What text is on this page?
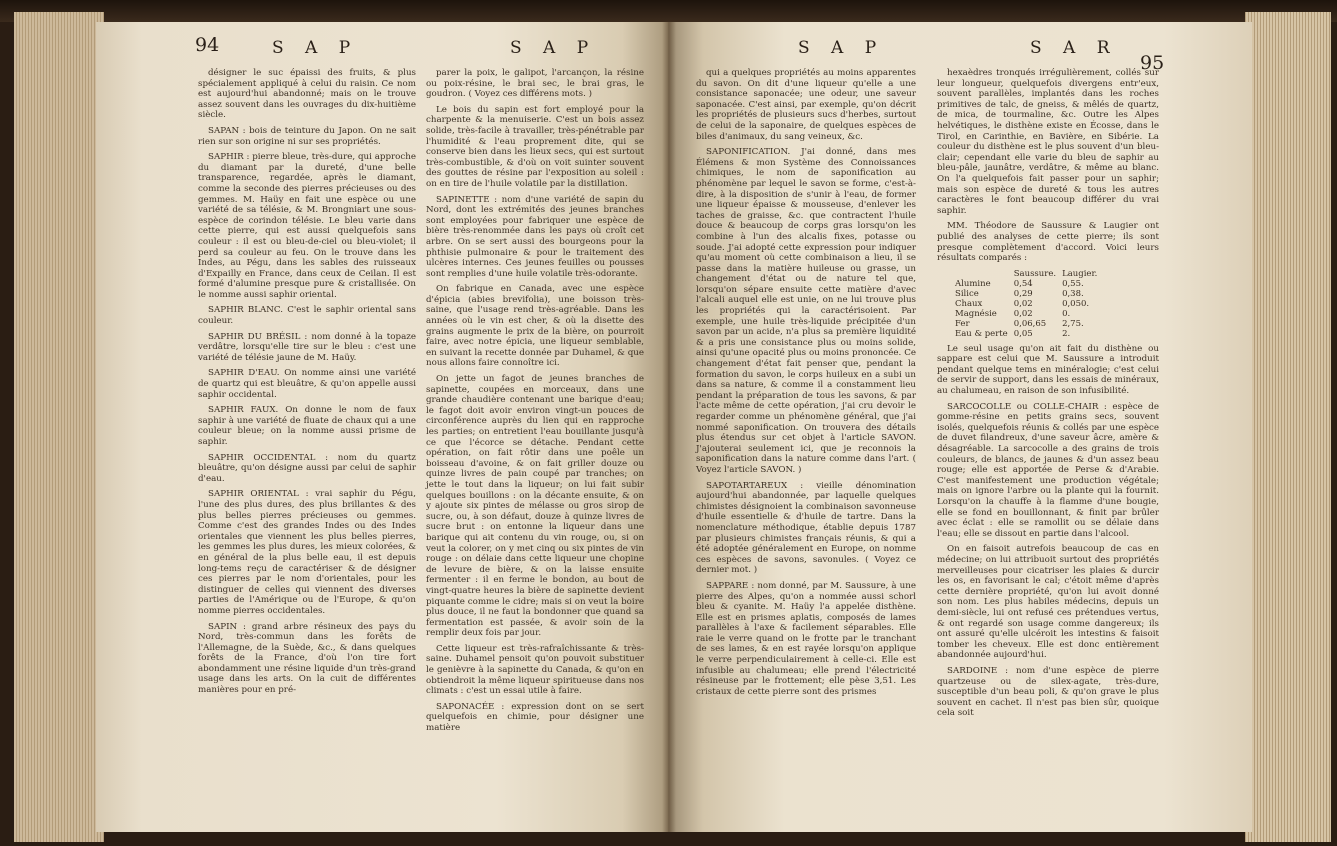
94	S A P	S A P	S A P	S A R
95

désigner le suc épaissi des fruits, & plus spécialement appliqué à celui du raisin. Ce nom est aujourd'hui abandonné; mais on le trouve assez souvent dans les ouvrages du dix-huitième siècle.

SAPAN : bois de teinture du Japon. On ne sait rien sur son origine ni sur ses propriétés.

SAPHIR : pierre bleue, très-dure, qui approche du diamant par la dureté, d'une belle transparence, regardée, après le diamant, comme la seconde des pierres précieuses ou des gemmes. M. Haüy en fait une espèce ou une variété de sa télésie, & M. Brongniart une sous-espèce de corindon télésie. Le bleu varie dans cette pierre, qui est aussi quelquefois sans couleur : il est ou bleu-de-ciel ou bleu-violet; il perd sa couleur au feu. On le trouve dans les Indes, au Pégu, dans les sables des ruisseaux d'Expailly en France, dans ceux de Ceilan. Il est formé d'alumine presque pure & cristallisée. On le nomme aussi saphir oriental.

SAPHIR BLANC. C'est le saphir oriental sans couleur.

SAPHIR DU BRÉSIL : nom donné à la topaze verdâtre, lorsqu'elle tire sur le bleu : c'est une variété de télésie jaune de M. Haüy.

SAPHIR D'EAU. On nomme ainsi une variété de quartz qui est bleuâtre, & qu'on appelle aussi saphir occidental.

SAPHIR FAUX. On donne le nom de faux saphir à une variété de fluate de chaux qui a une couleur bleue; on la nomme aussi prisme de saphir.

SAPHIR OCCIDENTAL : nom du quartz bleuâtre, qu'on désigne aussi par celui de saphir d'eau.

SAPHIR ORIENTAL : vrai saphir du Pégu, l'une des plus dures, des plus brillantes & des plus belles pierres précieuses ou gemmes. Comme c'est des grandes Indes ou des Indes orientales que viennent les plus belles pierres, les gemmes les plus dures, les mieux colorées, & en général de la plus belle eau, il est depuis long-tems reçu de caractériser & de désigner ces pierres par le nom d'orientales, pour les distinguer de celles qui viennent des diverses parties de l'Amérique ou de l'Europe, & qu'on nomme pierres occidentales.

SAPIN : grand arbre résineux des pays du Nord, très-commun dans les forêts de l'Allemagne, de la Suède, &c., & dans quelques forêts de la France, d'où l'on tire fort abondamment une résine liquide d'un très-grand usage dans les arts. On la cuit de différentes manières pour en pré-

parer la poix, le galipot, l'arcançon, la résine ou poix-résine, le brai sec, le brai gras, le goudron. ( Voyez ces différens mots. )

Le bois du sapin est fort employé pour la charpente & la menuiserie. C'est un bois assez solide, très-facile à travailler, très-pénétrable par l'humidité & l'eau proprement dite, qui se conserve bien dans les lieux secs, qui est surtout très-combustible, & d'où on voit suinter souvent des gouttes de résine par l'exposition au soleil : on en tire de l'huile volatile par la distillation.

SAPINETTE : nom d'une variété de sapin du Nord, dont les extrémités des jeunes branches sont employées pour fabriquer une espèce de bière très-renommée dans les pays où croît cet arbre. On se sert aussi des bourgeons pour la phthisie pulmonaire & pour le traitement des ulcères internes. Ces jeunes feuilles ou pousses sont remplies d'une huile volatile très-odorante.

On fabrique en Canada, avec une espèce d'épicia (abies brevifolia), une boisson très-saine, que l'usage rend très-agréable. Dans les années où le vin est cher, & où la disette des grains augmente le prix de la bière, on pourroit faire, avec notre épicia, une liqueur semblable, en suivant la recette donnée par Duhamel, & que nous allons faire connoître ici.

On jette un fagot de jeunes branches de sapinette, coupées en morceaux, dans une grande chaudière contenant une barique d'eau; le fagot doit avoir environ vingt-un pouces de circonférence auprès du lien qui en rapproche les parties; on entretient l'eau bouillante jusqu'à ce que l'écorce se détache. Pendant cette opération, on fait rôtir dans une poêle un boisseau d'avoine, & on fait griller douze ou quinze livres de pain coupé par tranches; on jette le tout dans la liqueur; on lui fait subir quelques bouillons : on la décante ensuite, & on y ajoute six pintes de mélasse ou gros sirop de sucre, ou, à son défaut, douze à quinze livres de sucre brut : on entonne la liqueur dans une barique qui ait contenu du vin rouge, ou, si on veut la colorer, on y met cinq ou six pintes de vin rouge : on délaie dans cette liqueur une chopine de levure de bière, & on la laisse ensuite fermenter : il en ferme le bondon, au bout de vingt-quatre heures la bière de sapinette devient piquante comme le cidre; mais si on veut la boire plus douce, il ne faut la bondonner que quand sa fermentation est passée, & avoir soin de la remplir deux fois par jour.

Cette liqueur est très-rafraîchissante & très-saine. Duhamel pensoit qu'on pouvoit substituer le genièvre à la sapinette du Canada, & qu'on en obtiendroit la même liqueur spiritueuse dans nos climats : c'est un essai utile à faire.

SAPONACÉE : expression dont on se sert quelquefois en chimie, pour désigner une matière

qui a quelques propriétés au moins apparentes du savon. On dit d'une liqueur qu'elle a une consistance saponacée; une odeur, une saveur saponacée. C'est ainsi, par exemple, qu'on décrit les propriétés de plusieurs sucs d'herbes, surtout de celui de la saponaire, de quelques espèces de biles d'animaux, du sang veineux, &c.

SAPONIFICATION. J'ai donné, dans mes Élémens & mon Système des Connoissances chimiques, le nom de saponification au phénomène par lequel le savon se forme, c'est-à-dire, à la disposition de s'unir à l'eau, de former une liqueur épaisse & mousseuse, d'enlever les taches de graisse, &c. que contractent l'huile douce & beaucoup de corps gras lorsqu'on les combine à l'un des alcalis fixes, potasse ou soude. J'ai adopté cette expression pour indiquer qu'au moment où cette combinaison a lieu, il se passe dans la matière huileuse ou grasse, un changement d'état ou de nature tel que, lorsqu'on sépare ensuite cette matière d'avec l'alcali auquel elle est unie, on ne lui trouve plus les propriétés qui la caractérisoient. Par exemple, une huile très-liquide précipitée d'un savon par un acide, n'a plus sa première liquidité & a pris une consistance plus ou moins solide, ainsi qu'une opacité plus ou moins prononcée. Ce changement d'état fait penser que, pendant la formation du savon, le corps huileux en a subi un dans sa nature, & comme il a constamment lieu pendant la préparation de tous les savons, & par l'acte même de cette opération, j'ai cru devoir le regarder comme un phénomène général, que j'ai nommé saponification. On trouvera des détails plus étendus sur cet objet à l'article SAVON. J'ajouterai seulement ici, que je reconnois la saponification dans la nature comme dans l'art. ( Voyez l'article SAVON. )

SAPOTARTAREUX : vieille dénomination aujourd'hui abandonnée, par laquelle quelques chimistes désignoient la combinaison savonneuse d'huile essentielle & d'huile de tartre. Dans la nomenclature méthodique, établie depuis 1787 par plusieurs chimistes français réunis, & qui a été adoptée généralement en Europe, on nomme ces espèces de savons, savonules. ( Voyez ce dernier mot. )

SAPPARE : nom donné, par M. Saussure, à une pierre des Alpes, qu'on a nommée aussi schorl bleu & cyanite. M. Haüy l'a appelée disthène. Elle est en prismes aplatis, composés de lames parallèles à l'axe & facilement séparables. Elle raie le verre quand on le frotte par le tranchant de ses lames, & en est rayée lorsqu'on applique le verre perpendiculairement à celle-ci. Elle est infusible au chalumeau; elle prend l'électricité résineuse par le frottement; elle pèse 3,51. Les cristaux de cette pierre sont des prismes

hexaèdres tronqués irrégulièrement, collés sur leur longueur, quelquefois divergens entr'eux, souvent parallèles, implantés dans les roches primitives de talc, de gneiss, & mêlés de quartz, de mica, de tourmaline, &c. Outre les Alpes helvétiques, le disthène existe en Écosse, dans le Tirol, en Carinthie, en Bavière, en Sibérie. La couleur du disthène est le plus souvent d'un bleu-clair; cependant elle varie du bleu de saphir au bleu-pâle, jaunâtre, verdâtre, & même au blanc. On l'a quelquefois fait passer pour un saphir; mais son espèce de dureté & tous les autres caractères le font beaucoup différer du vrai saphir.

MM. Théodore de Saussure & Laugier ont publié des analyses de cette pierre; ils sont presque complètement d'accord. Voici leurs résultats comparés :

	Saussure.	Laugier.
Alumine	0,54	0,55.
Silice	0,29	0,38.
Chaux	0,02	0,050.
Magnésie	0,02	0.
Fer	0,06,65	2,75.
Eau & perte	0,05	2.

Le seul usage qu'on ait fait du disthène ou sappare est celui que M. Saussure a introduit pendant quelque tems en minéralogie; c'est celui de servir de support, dans les essais de minéraux, au chalumeau, en raison de son infusibilité.

SARCOCOLLE ou COLLE-CHAIR : espèce de gomme-résine en petits grains secs, souvent isolés, quelquefois réunis & collés par une espèce de duvet filandreux, d'une saveur âcre, amère & désagréable. La sarcocolle a des grains de trois couleurs, de blancs, de jaunes & d'un assez beau rouge; elle est apportée de Perse & d'Arabie. C'est manifestement une production végétale; mais on ignore l'arbre ou la plante qui la fournit. Lorsqu'on la chauffe à la flamme d'une bougie, elle se fond en bouillonnant, & finit par brûler avec éclat : elle se ramollit ou se délaie dans l'eau; elle se dissout en partie dans l'alcool.

On en faisoit autrefois beaucoup de cas en médecine; on lui attribuoit surtout des propriétés merveilleuses pour cicatriser les plaies & durcir les os, en favorisant le cal; c'étoit même d'après cette dernière propriété, qu'on lui avoit donné son nom. Les plus habiles médecins, depuis un demi-siècle, lui ont refusé ces prétendues vertus, & ont regardé son usage comme dangereux; ils ont assuré qu'elle ulcéroit les intestins & faisoit tomber les cheveux. Elle est donc entièrement abandonnée aujourd'hui.

SARDOINE : nom d'une espèce de pierre quartzeuse ou de silex-agate, très-dure, susceptible d'un beau poli, & qu'on grave le plus souvent en cachet. Il n'est pas bien sûr, quoique cela soit
